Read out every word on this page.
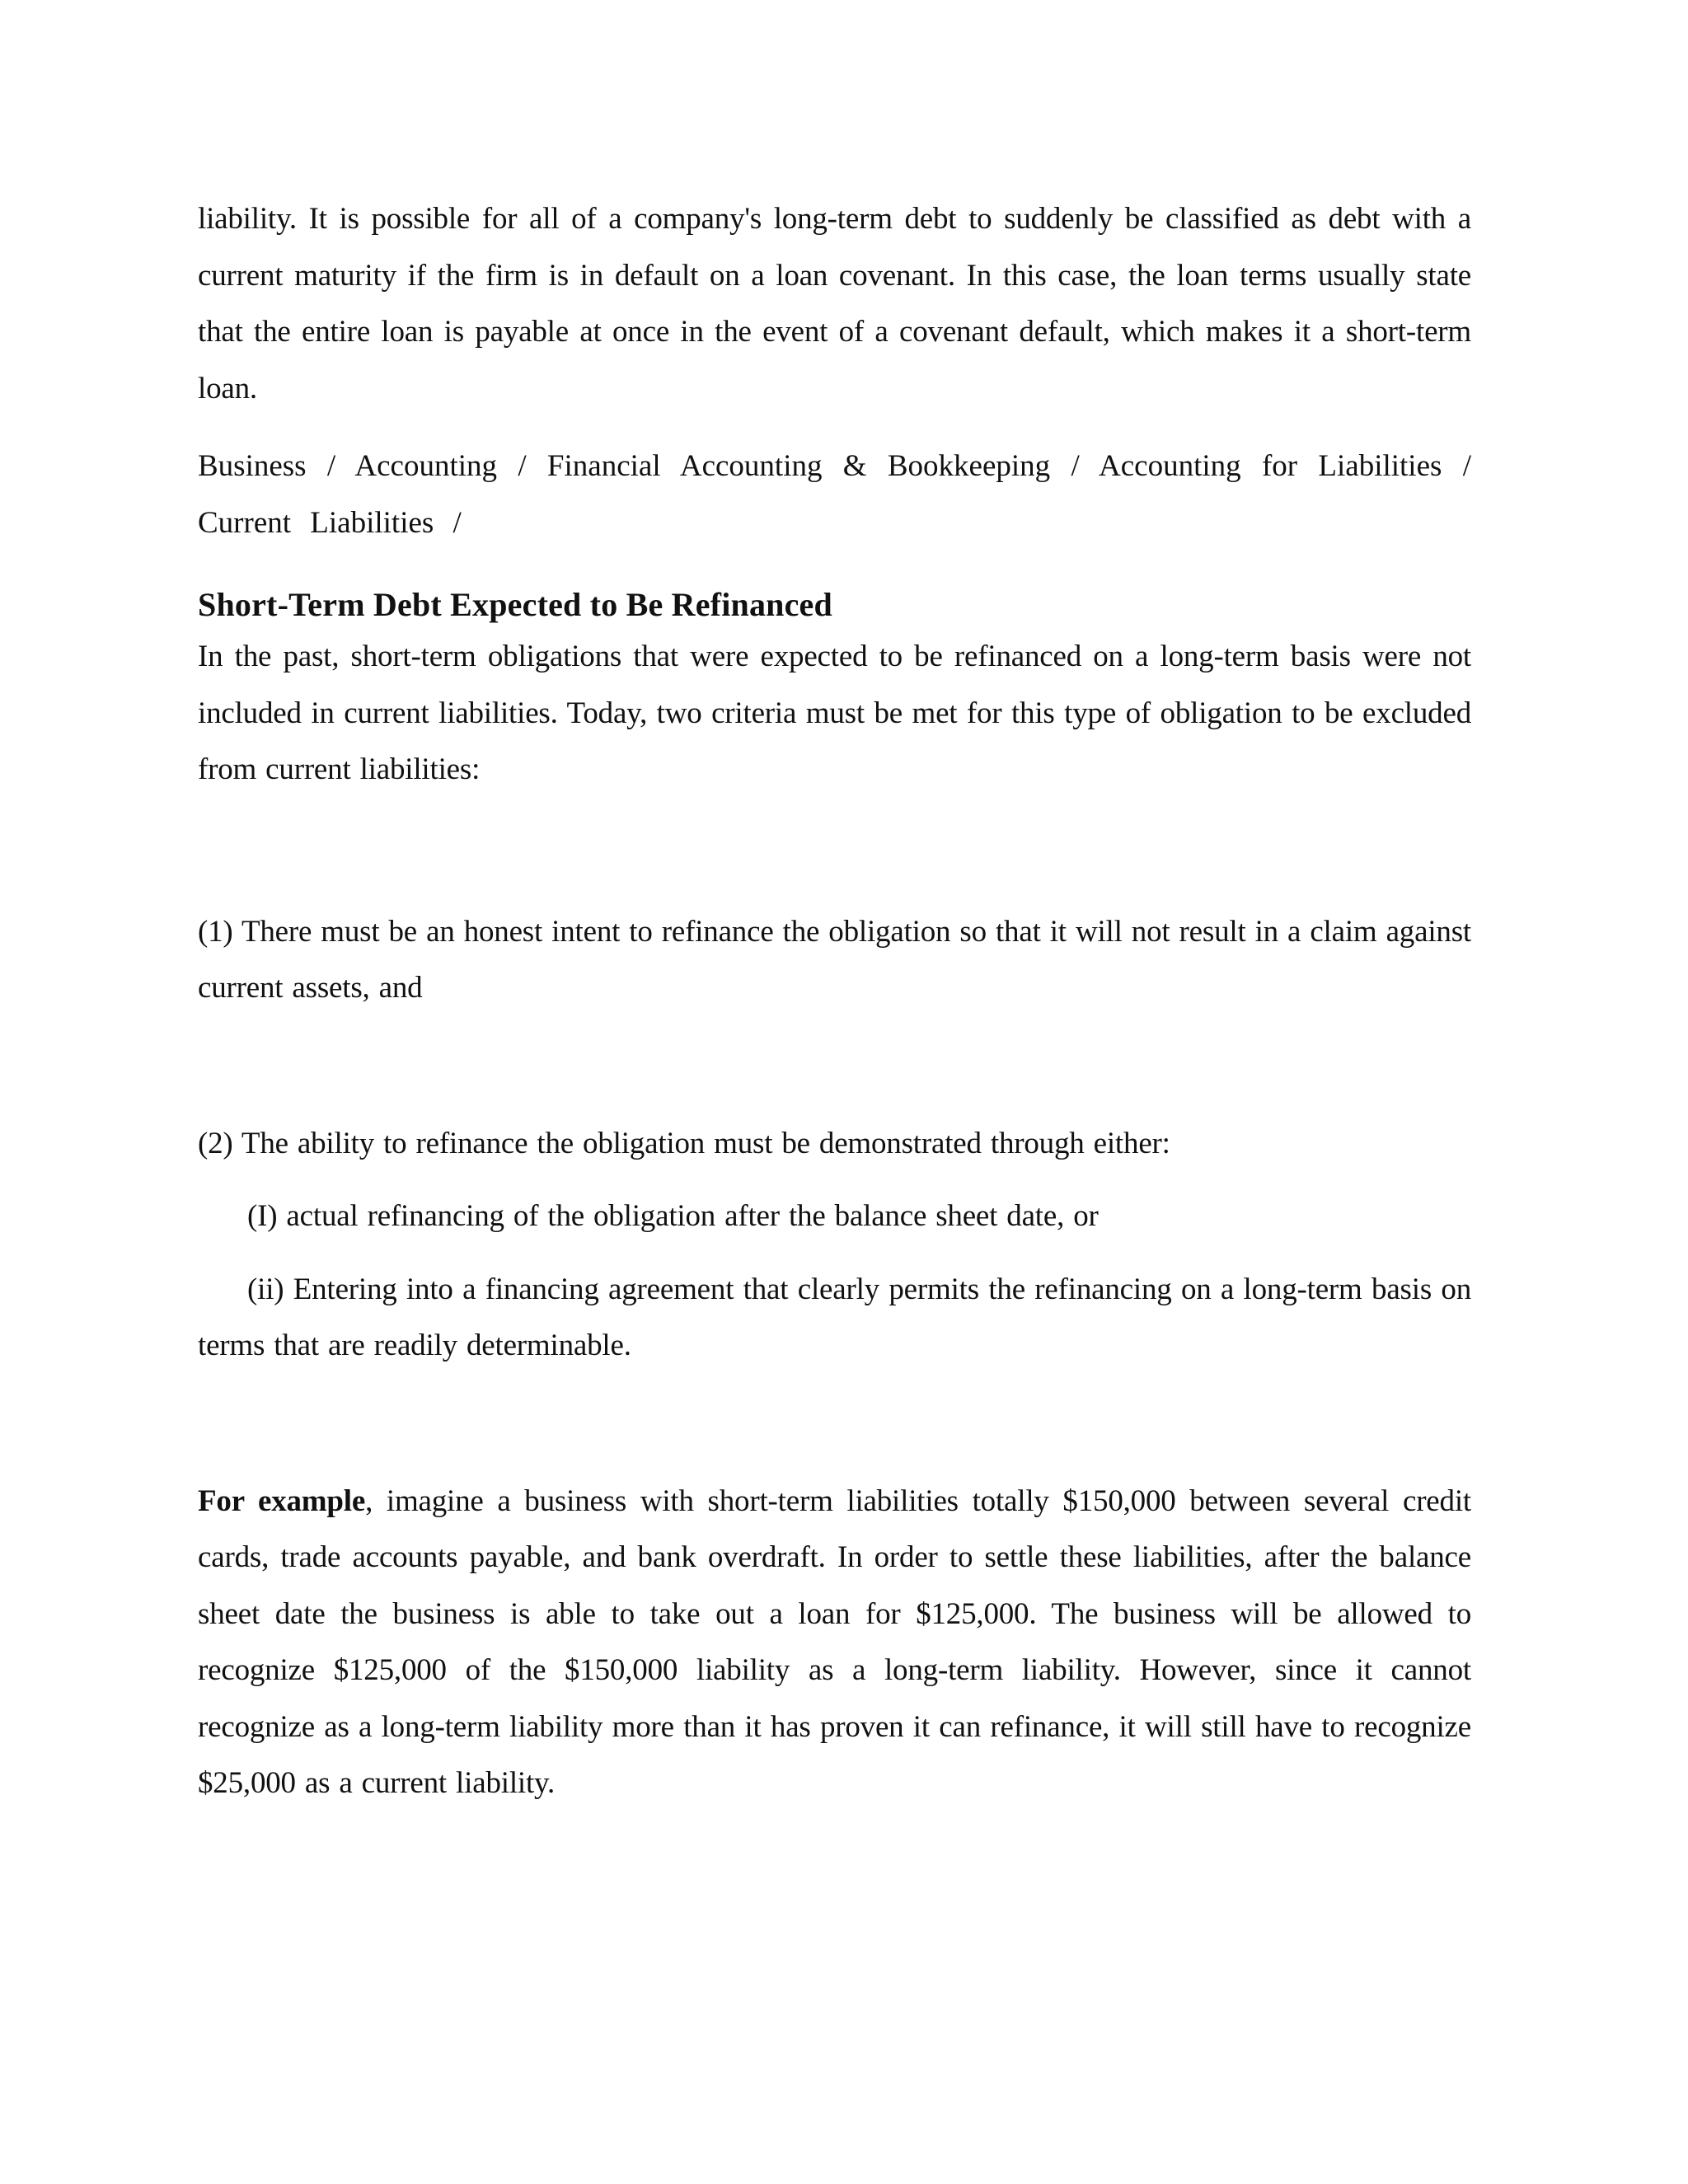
liability. It is possible for all of a company's long-term debt to suddenly be classified as debt with a current maturity if the firm is in default on a loan covenant. In this case, the loan terms usually state that the entire loan is payable at once in the event of a covenant default, which makes it a short-term loan.

Business / Accounting / Financial Accounting & Bookkeeping / Accounting for Liabilities / Current Liabilities /

Short-Term Debt Expected to Be Refinanced

In the past, short-term obligations that were expected to be refinanced on a long-term basis were not included in current liabilities. Today, two criteria must be met for this type of obligation to be excluded from current liabilities:

(1) There must be an honest intent to refinance the obligation so that it will not result in a claim against current assets, and

(2) The ability to refinance the obligation must be demonstrated through either:

(I) actual refinancing of the obligation after the balance sheet date, or

(ii) Entering into a financing agreement that clearly permits the refinancing on a long-term basis on terms that are readily determinable.

For example, imagine a business with short-term liabilities totally $150,000 between several credit cards, trade accounts payable, and bank overdraft. In order to settle these liabilities, after the balance sheet date the business is able to take out a loan for $125,000. The business will be allowed to recognize $125,000 of the $150,000 liability as a long-term liability. However, since it cannot recognize as a long-term liability more than it has proven it can refinance, it will still have to recognize $25,000 as a current liability.
